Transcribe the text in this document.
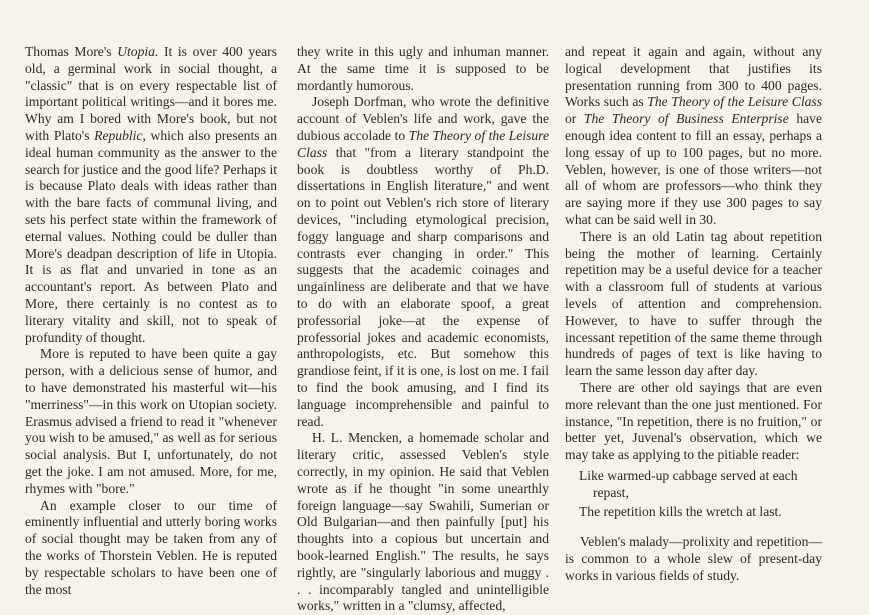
Thomas More's Utopia. It is over 400 years old, a germinal work in social thought, a "classic" that is on every respectable list of important political writings—and it bores me. Why am I bored with More's book, but not with Plato's Republic, which also presents an ideal human community as the answer to the search for justice and the good life? Perhaps it is because Plato deals with ideas rather than with the bare facts of communal living, and sets his perfect state within the framework of eternal values. Nothing could be duller than More's deadpan description of life in Utopia. It is as flat and unvaried in tone as an accountant's report. As between Plato and More, there certainly is no contest as to literary vitality and skill, not to speak of profundity of thought.

More is reputed to have been quite a gay person, with a delicious sense of humor, and to have demonstrated his masterful wit—his "merriness"—in this work on Utopian society. Erasmus advised a friend to read it "whenever you wish to be amused," as well as for serious social analysis. But I, unfortunately, do not get the joke. I am not amused. More, for me, rhymes with "bore."

An example closer to our time of eminently influential and utterly boring works of social thought may be taken from any of the works of Thorstein Veblen. He is reputed by respectable scholars to have been one of the most

they write in this ugly and inhuman manner. At the same time it is supposed to be mordantly humorous.

Joseph Dorfman, who wrote the definitive account of Veblen's life and work, gave the dubious accolade to The Theory of the Leisure Class that "from a literary standpoint the book is doubtless worthy of Ph.D. dissertations in English literature," and went on to point out Veblen's rich store of literary devices, "including etymological precision, foggy language and sharp comparisons and contrasts ever changing in order." This suggests that the academic coinages and ungainliness are deliberate and that we have to do with an elaborate spoof, a great professorial joke—at the expense of professorial jokes and academic economists, anthropologists, etc. But somehow this grandiose feint, if it is one, is lost on me. I fail to find the book amusing, and I find its language incomprehensible and painful to read.

H. L. Mencken, a homemade scholar and literary critic, assessed Veblen's style correctly, in my opinion. He said that Veblen wrote as if he thought "in some unearthly foreign language—say Swahili, Sumerian or Old Bulgarian—and then painfully [put] his thoughts into a copious but uncertain and book-learned English." The results, he says rightly, are "singularly laborious and muggy . . . incomparably tangled and unintelligible works," written in a "clumsy, affected,

and repeat it again and again, without any logical development that justifies its presentation running from 300 to 400 pages. Works such as The Theory of the Leisure Class or The Theory of Business Enterprise have enough idea content to fill an essay, perhaps a long essay of up to 100 pages, but no more. Veblen, however, is one of those writers—not all of whom are professors—who think they are saying more if they use 300 pages to say what can be said well in 30.

There is an old Latin tag about repetition being the mother of learning. Certainly repetition may be a useful device for a teacher with a classroom full of students at various levels of attention and comprehension. However, to have to suffer through the incessant repetition of the same theme through hundreds of pages of text is like having to learn the same lesson day after day.

There are other old sayings that are even more relevant than the one just mentioned. For instance, "In repetition, there is no fruition," or better yet, Juvenal's observation, which we may take as applying to the pitiable reader:

Like warmed-up cabbage served at each repast,
The repetition kills the wretch at last.

Veblen's malady—prolixity and repetition—is common to a whole slew of present-day works in various fields of study.
